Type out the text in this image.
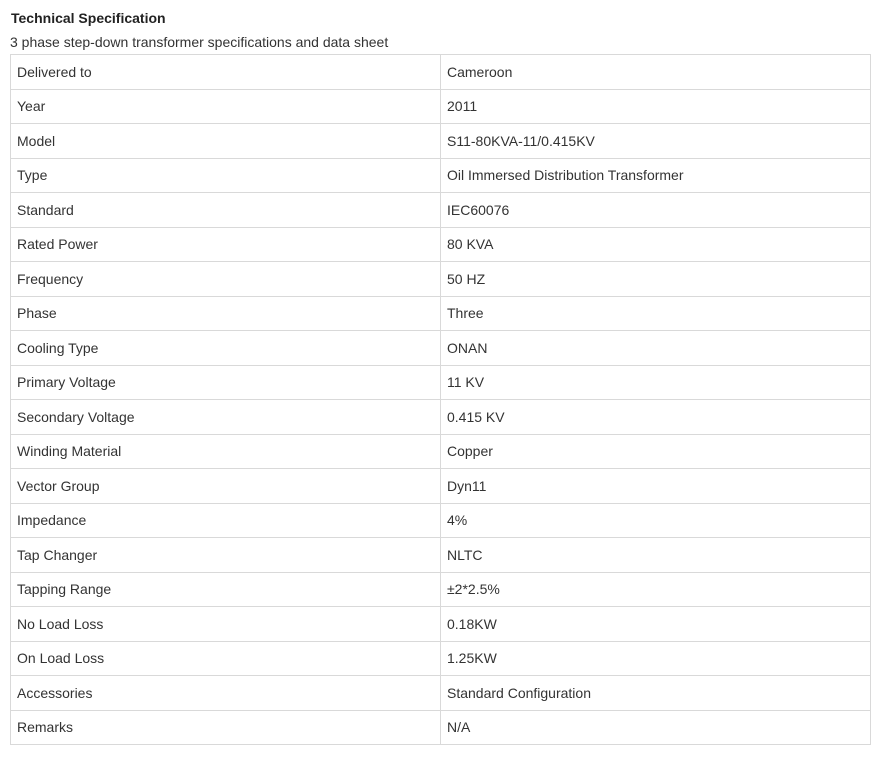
Technical Specification
3 phase step-down transformer specifications and data sheet
Delivered to	Cameroon
Year	2011
Model	S11-80KVA-11/0.415KV
Type	Oil Immersed Distribution Transformer
Standard	IEC60076
Rated Power	80 KVA
Frequency	50 HZ
Phase	Three
Cooling Type	ONAN
Primary Voltage	11 KV
Secondary Voltage	0.415 KV
Winding Material	Copper
Vector Group	Dyn11
Impedance	4%
Tap Changer	NLTC
Tapping Range	±2*2.5%
No Load Loss	0.18KW
On Load Loss	1.25KW
Accessories	Standard Configuration
Remarks	N/A
